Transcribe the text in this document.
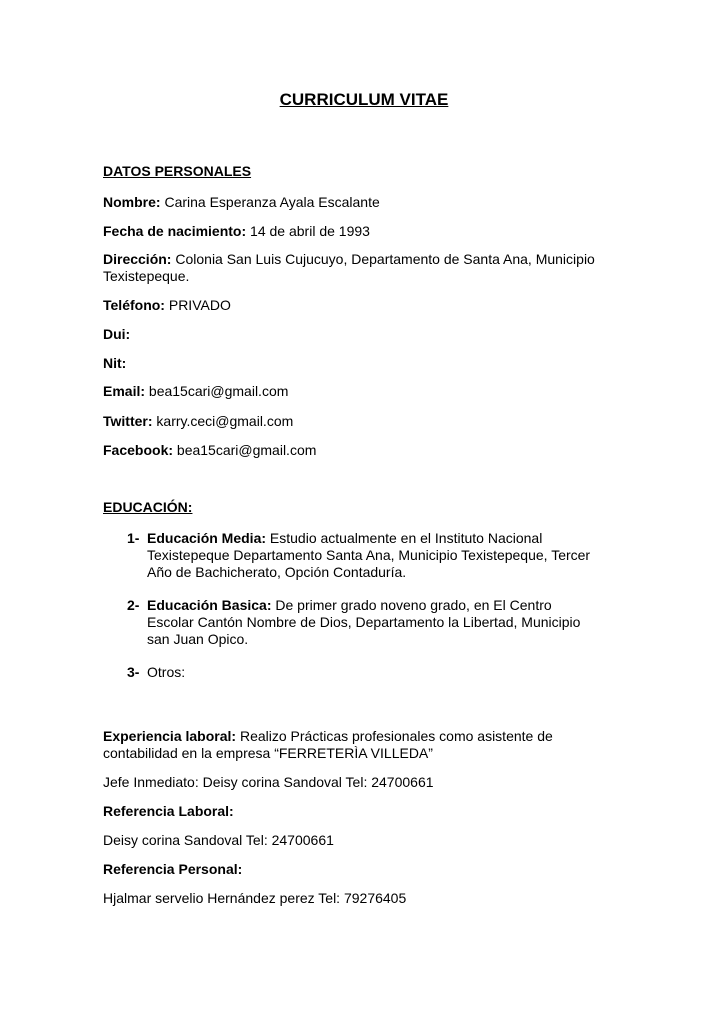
CURRICULUM VITAE
DATOS PERSONALES
Nombre: Carina Esperanza Ayala Escalante
Fecha de nacimiento: 14 de abril de 1993
Dirección: Colonia San Luis Cujucuyo, Departamento de Santa Ana, Municipio
Texistepeque.
Teléfono: PRIVADO
Dui:
Nit:
Email: bea15cari@gmail.com
Twitter: karry.ceci@gmail.com
Facebook: bea15cari@gmail.com
EDUCACIÓN:
1- Educación Media: Estudio actualmente en el Instituto Nacional
Texistepeque Departamento Santa Ana, Municipio Texistepeque, Tercer
Año de Bachicherato, Opción Contaduría.
2- Educación Basica: De primer grado noveno grado, en El Centro
Escolar Cantón Nombre de Dios, Departamento la Libertad, Municipio
san Juan Opico.
3- Otros:
Experiencia laboral: Realizo Prácticas profesionales como asistente de
contabilidad en la empresa “FERRETERÌA VILLEDA”
Jefe Inmediato: Deisy corina Sandoval Tel: 24700661
Referencia Laboral:
Deisy corina Sandoval Tel: 24700661
Referencia Personal:
Hjalmar servelio Hernández perez Tel: 79276405
